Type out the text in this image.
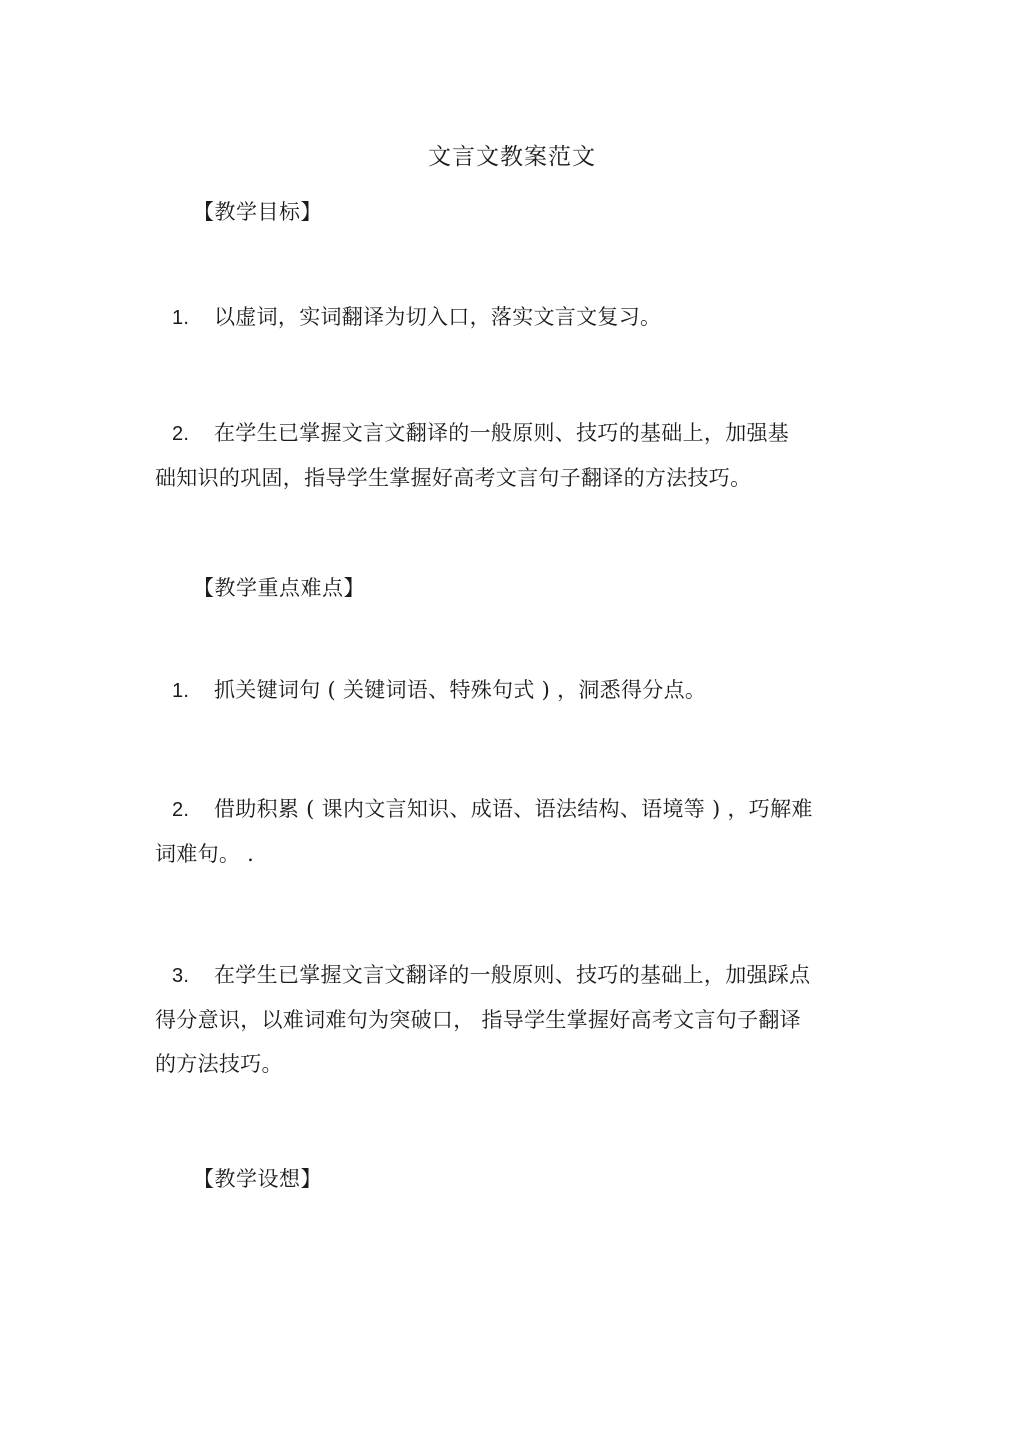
文言文教案范文
【教学目标】
1. 以虚词，实词翻译为切入口，落实文言文复习。
2. 在学生已掌握文言文翻译的一般原则、技巧的基础上，加强基
础知识的巩固，指导学生掌握好高考文言句子翻译的方法技巧。
【教学重点难点】
1. 抓关键词句 ( 关键词语、特殊句式 ) ，洞悉得分点。
2. 借助积累 ( 课内文言知识、成语、语法结构、语境等 ) ，巧解难
词难句。 .
3. 在学生已掌握文言文翻译的一般原则、技巧的基础上，加强踩点
得分意识，以难词难句为突破口， 指导学生掌握好高考文言句子翻译
的方法技巧。
【教学设想】
